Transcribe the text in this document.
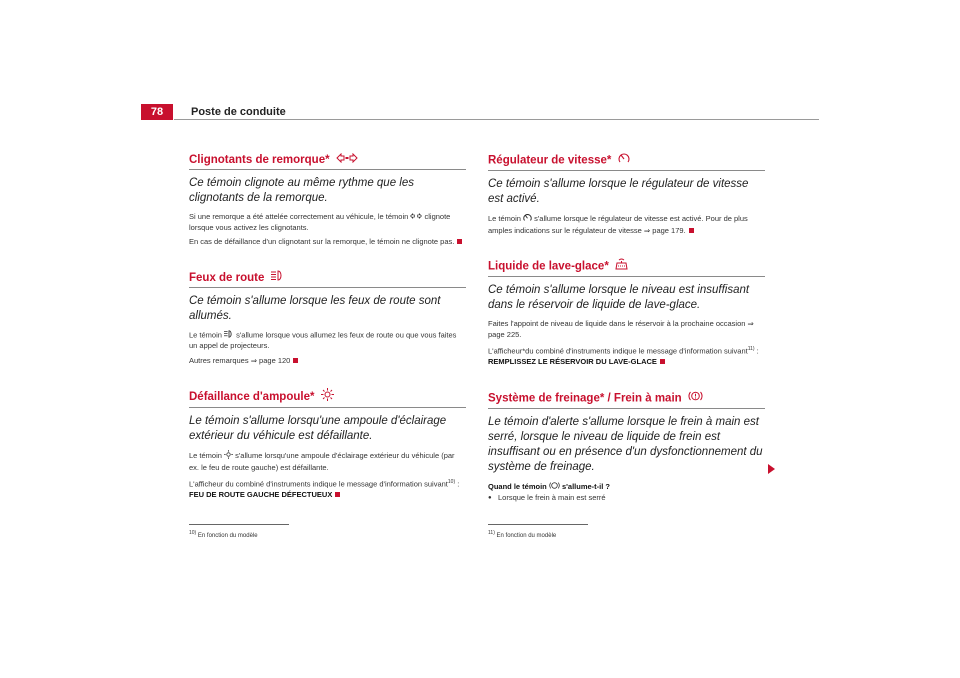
78	Poste de conduite
Clignotants de remorque*
Ce témoin clignote au même rythme que les clignotants de la remorque.
Si une remorque a été attelée correctement au véhicule, le témoin clignote lorsque vous activez les clignotants.
En cas de défaillance d'un clignotant sur la remorque, le témoin ne clignote pas.
Feux de route
Ce témoin s'allume lorsque les feux de route sont allumés.
Le témoin s'allume lorsque vous allumez les feux de route ou que vous faites un appel de projecteurs.
Autres remarques ⇒ page 120
Défaillance d'ampoule*
Le témoin s'allume lorsqu'une ampoule d'éclairage extérieur du véhicule est défaillante.
Le témoin s'allume lorsqu'une ampoule d'éclairage extérieur du véhicule (par ex. le feu de route gauche) est défaillante.
L'afficheur du combiné d'instruments indique le message d'information suivant$^{10)}$ : FEU DE ROUTE GAUCHE DÉFECTUEUX
Régulateur de vitesse*
Ce témoin s'allume lorsque le régulateur de vitesse est activé.
Le témoin s'allume lorsque le régulateur de vitesse est activé. Pour de plus amples indications sur le régulateur de vitesse ⇒ page 179.
Liquide de lave-glace*
Ce témoin s'allume lorsque le niveau est insuffisant dans le réservoir de liquide de lave-glace.
Faites l'appoint de niveau de liquide dans le réservoir à la prochaine occasion ⇒ page 225.
L'afficheur*du combiné d'instruments indique le message d'information suivant$^{11)}$ : REMPLISSEZ LE RÉSERVOIR DU LAVE-GLACE
Système de freinage* / Frein à main
Le témoin d'alerte s'allume lorsque le frein à main est serré, lorsque le niveau de liquide de frein est insuffisant ou en présence d'un dysfonctionnement du système de freinage.
Quand le témoin s'allume-t-il ?
● Lorsque le frein à main est serré
$^{10)}$ En fonction du modèle	$^{11)}$ En fonction du modèle
